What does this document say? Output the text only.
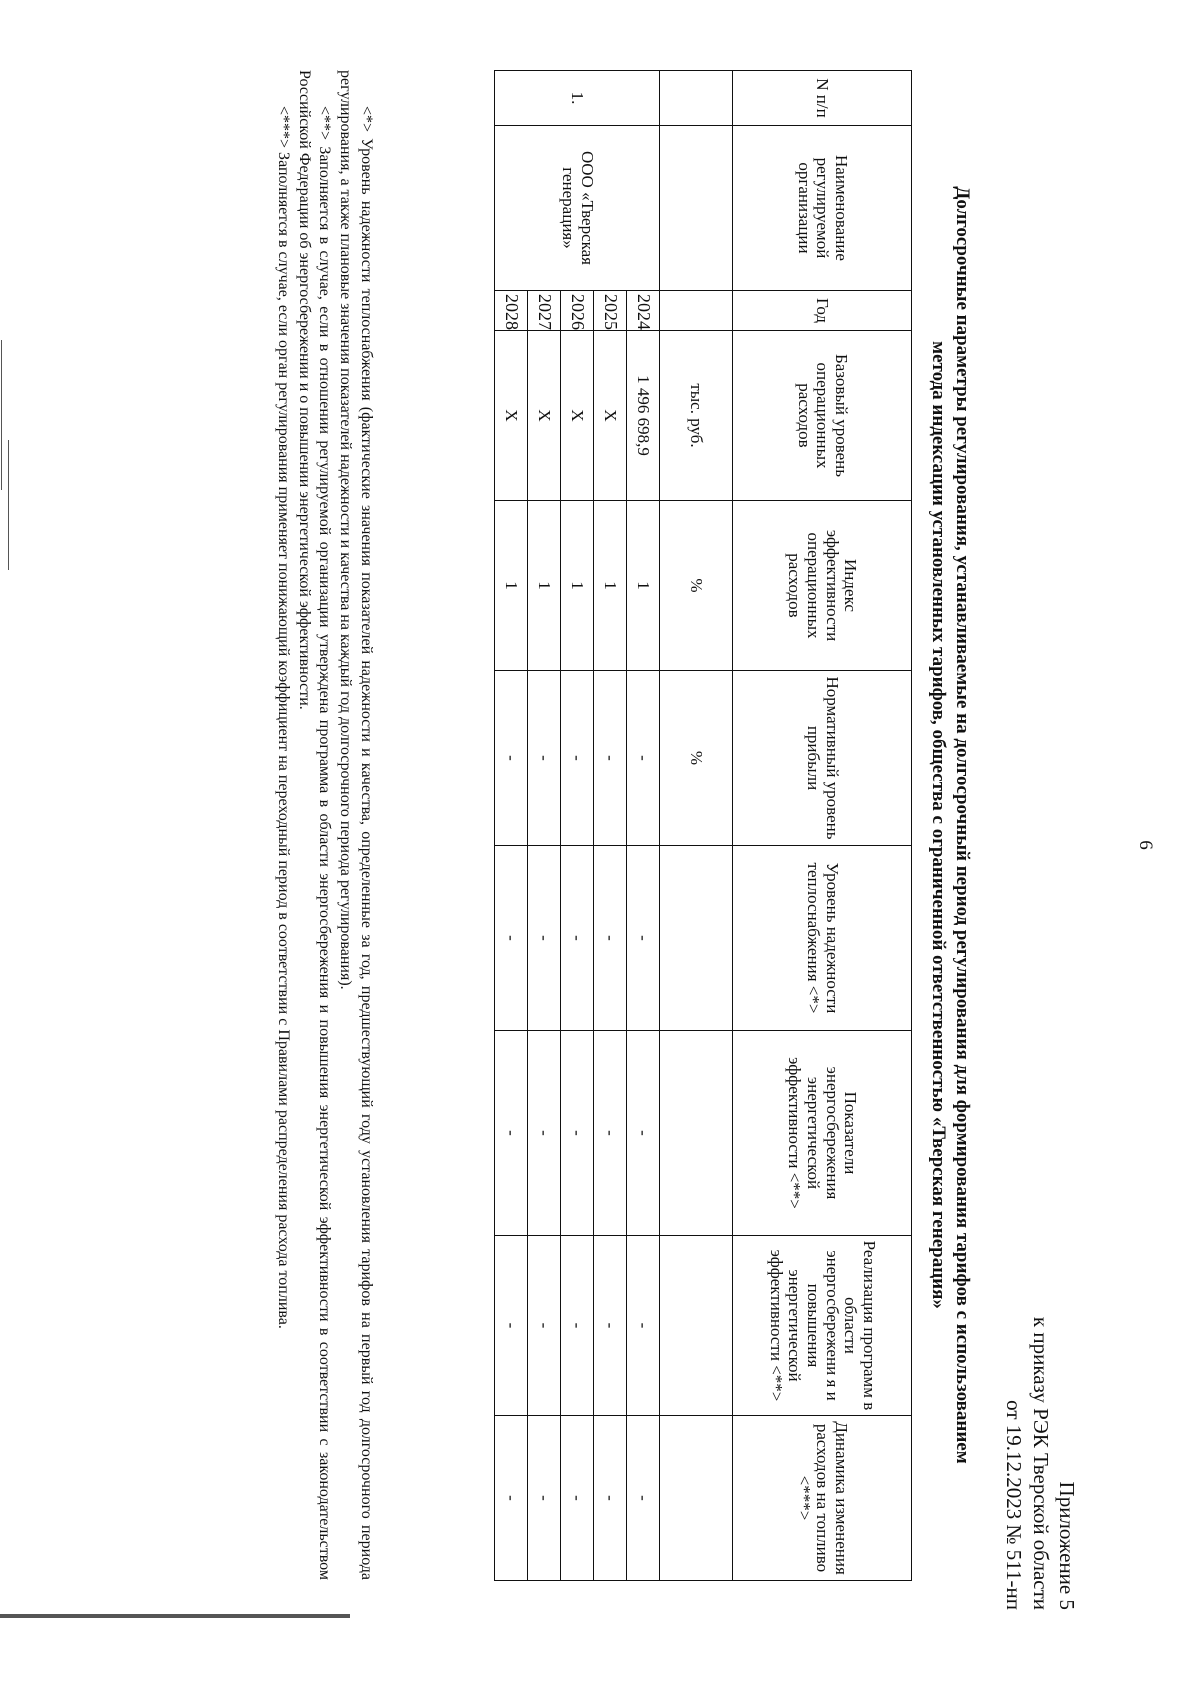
6
Приложение 5
к приказу РЭК Тверской области
от 19.12.2023 № 511-нп
Долгосрочные параметры регулирования, устанавливаемые на долгосрочный период регулирования для формирования тарифов с использованием
метода индексации установленных тарифов, общества с ограниченной ответственностью «Тверская генерация»
N п/п	Наименование регулируемой организации	Год	Базовый уровень операционных расходов	Индекс эффективности операционных расходов	Нормативный уровень прибыли	Уровень надежности теплоснабжения <*>	Показатели энергосбережения энергетической эффективности <**>	Реализация программ в области энергосбережени я и повышения энергетической эффективности <**>	Динамика изменения расходов на топливо <***>
			тыс. руб.	%	%				
1.	ООО «Тверская генерация»	2024	1 496 698,9	1	-	-	-	-	-
		2025	X	1	-	-	-	-	-
		2026	X	1	-	-	-	-	-
		2027	X	1	-	-	-	-	-
		2028	X	1	-	-	-	-	-

<*> Уровень надежности теплоснабжения (фактические значения показателей надежности и качества, определенные за год, предшествующий году установления тарифов на первый год долгосрочного периода регулирования, а также плановые значения показателей надежности и качества на каждый год долгосрочного периода регулирования).

<**> Заполняется в случае, если в отношении регулируемой организации утверждена программа в области энергосбережения и повышения энергетической эффективности в соответствии с законодательством Российской Федерации об энергосбережении и о повышении энергетической эффективности.

<***> Заполняется в случае, если орган регулирования применяет понижающий коэффициент на переходный период в соответствии с Правилами распределения расхода топлива.
